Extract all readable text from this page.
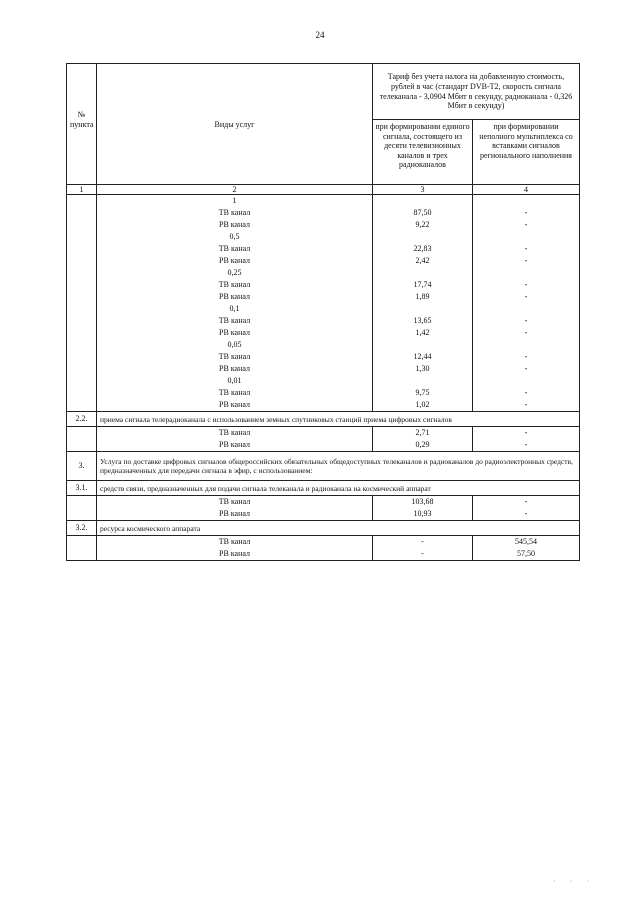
24
№ пункта	Виды услуг	Тариф без учета налога на добавленную стоимость, рублей в час (стандарт DVB-T2, скорость сигнала телеканала - 3,0904 Мбит в секунду, радиоканала - 0,326 Мбит в секунду)	
		при формировании единого сигнала, состоящего из десяти телевизионных каналов и трех радиоканалов	при формировании неполного мультиплекса со вставками сигналов регионального наполнения
1	2	3	4
	1		
	ТВ канал	87,50	-
	РВ канал	9,22	-
	0,5		
	ТВ канал	22,83	-
	РВ канал	2,42	-
	0,25		
	ТВ канал	17,74	-
	РВ канал	1,89	-
	0,1		
	ТВ канал	13,65	-
	РВ канал	1,42	-
	0,05		
	ТВ канал	12,44	-
	РВ канал	1,30	-
	0,01		
	ТВ канал	9,75	-
	РВ канал	1,02	-
2.2.	приема сигнала телерадиоканала с использованием земных спутниковых станций приема цифровых сигналов		
	ТВ канал	2,71	-
	РВ канал	0,29	-
3.	Услуга по доставке цифровых сигналов общероссийских обязательных общедоступных телеканалов и радиоканалов до радиоэлектронных средств, предназначенных для передачи сигнала в эфир, с использованием:		
3.1.	средств связи, предназначенных для подачи сигнала телеканала и радиоканала на космический аппарат		
	ТВ канал	103,68	-
	РВ канал	10,93	-
3.2.	ресурса космического аппарата		
	ТВ канал	-	545,54
	РВ канал	-	57,50
· · ·
